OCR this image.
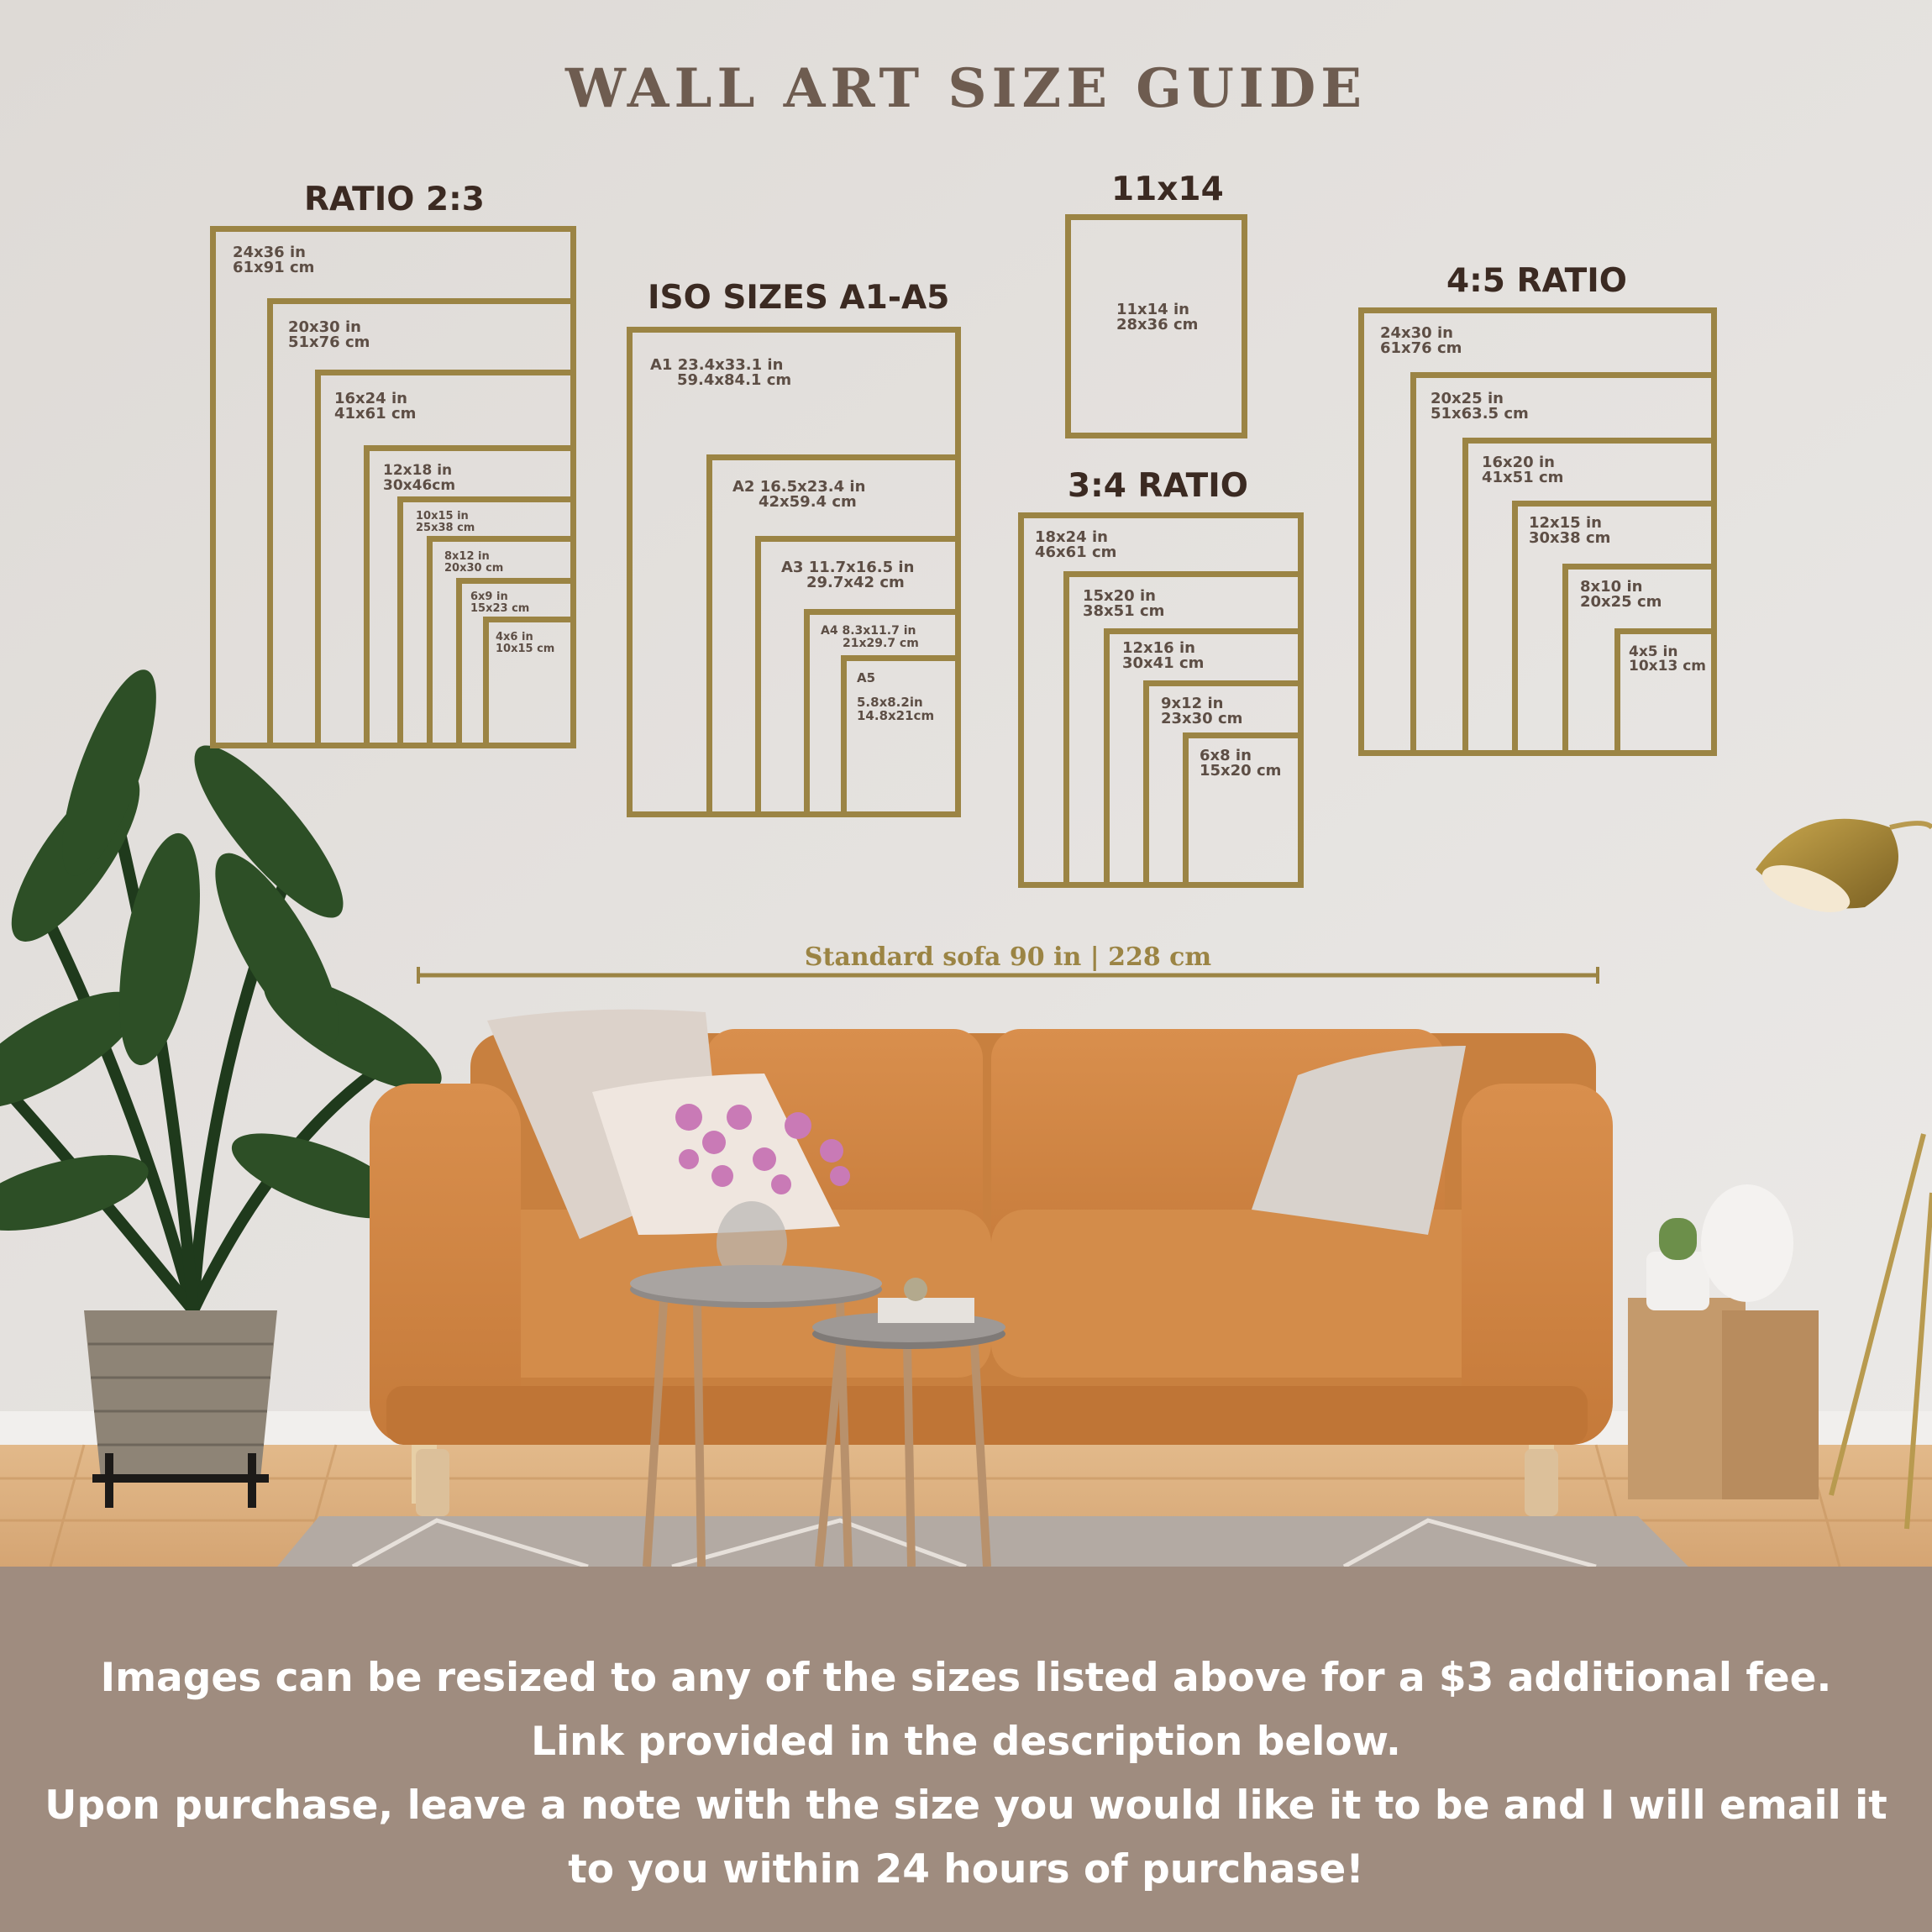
WALL ART SIZE GUIDE
RATIO 2:3
24x36 in
61x91 cm
20x30 in
51x76 cm
16x24 in
41x61 cm
12x18 in
30x46cm
10x15 in
25x38 cm
8x12 in
20x30 cm
6x9 in
15x23 cm
4x6 in
10x15 cm
ISO SIZES A1-A5
A1 23.4x33.1 in
59.4x84.1 cm
A2 16.5x23.4 in
42x59.4 cm
A3 11.7x16.5 in
29.7x42 cm
A4 8.3x11.7 in
21x29.7 cm
A5
5.8x8.2in
14.8x21cm
11x14
11x14 in
28x36 cm
3:4 RATIO
18x24 in
46x61 cm
15x20 in
38x51 cm
12x16 in
30x41 cm
9x12 in
23x30 cm
6x8 in
15x20 cm
4:5 RATIO
24x30 in
61x76 cm
20x25 in
51x63.5 cm
16x20 in
41x51 cm
12x15 in
30x38 cm
8x10 in
20x25 cm
4x5 in
10x13 cm
Standard sofa 90 in | 228 cm
Images can be resized to any of the sizes listed above for a $3 additional fee.
Link provided in the description below.
Upon purchase, leave a note with the size you would like it to be and I will email it
to you within 24 hours of purchase!
